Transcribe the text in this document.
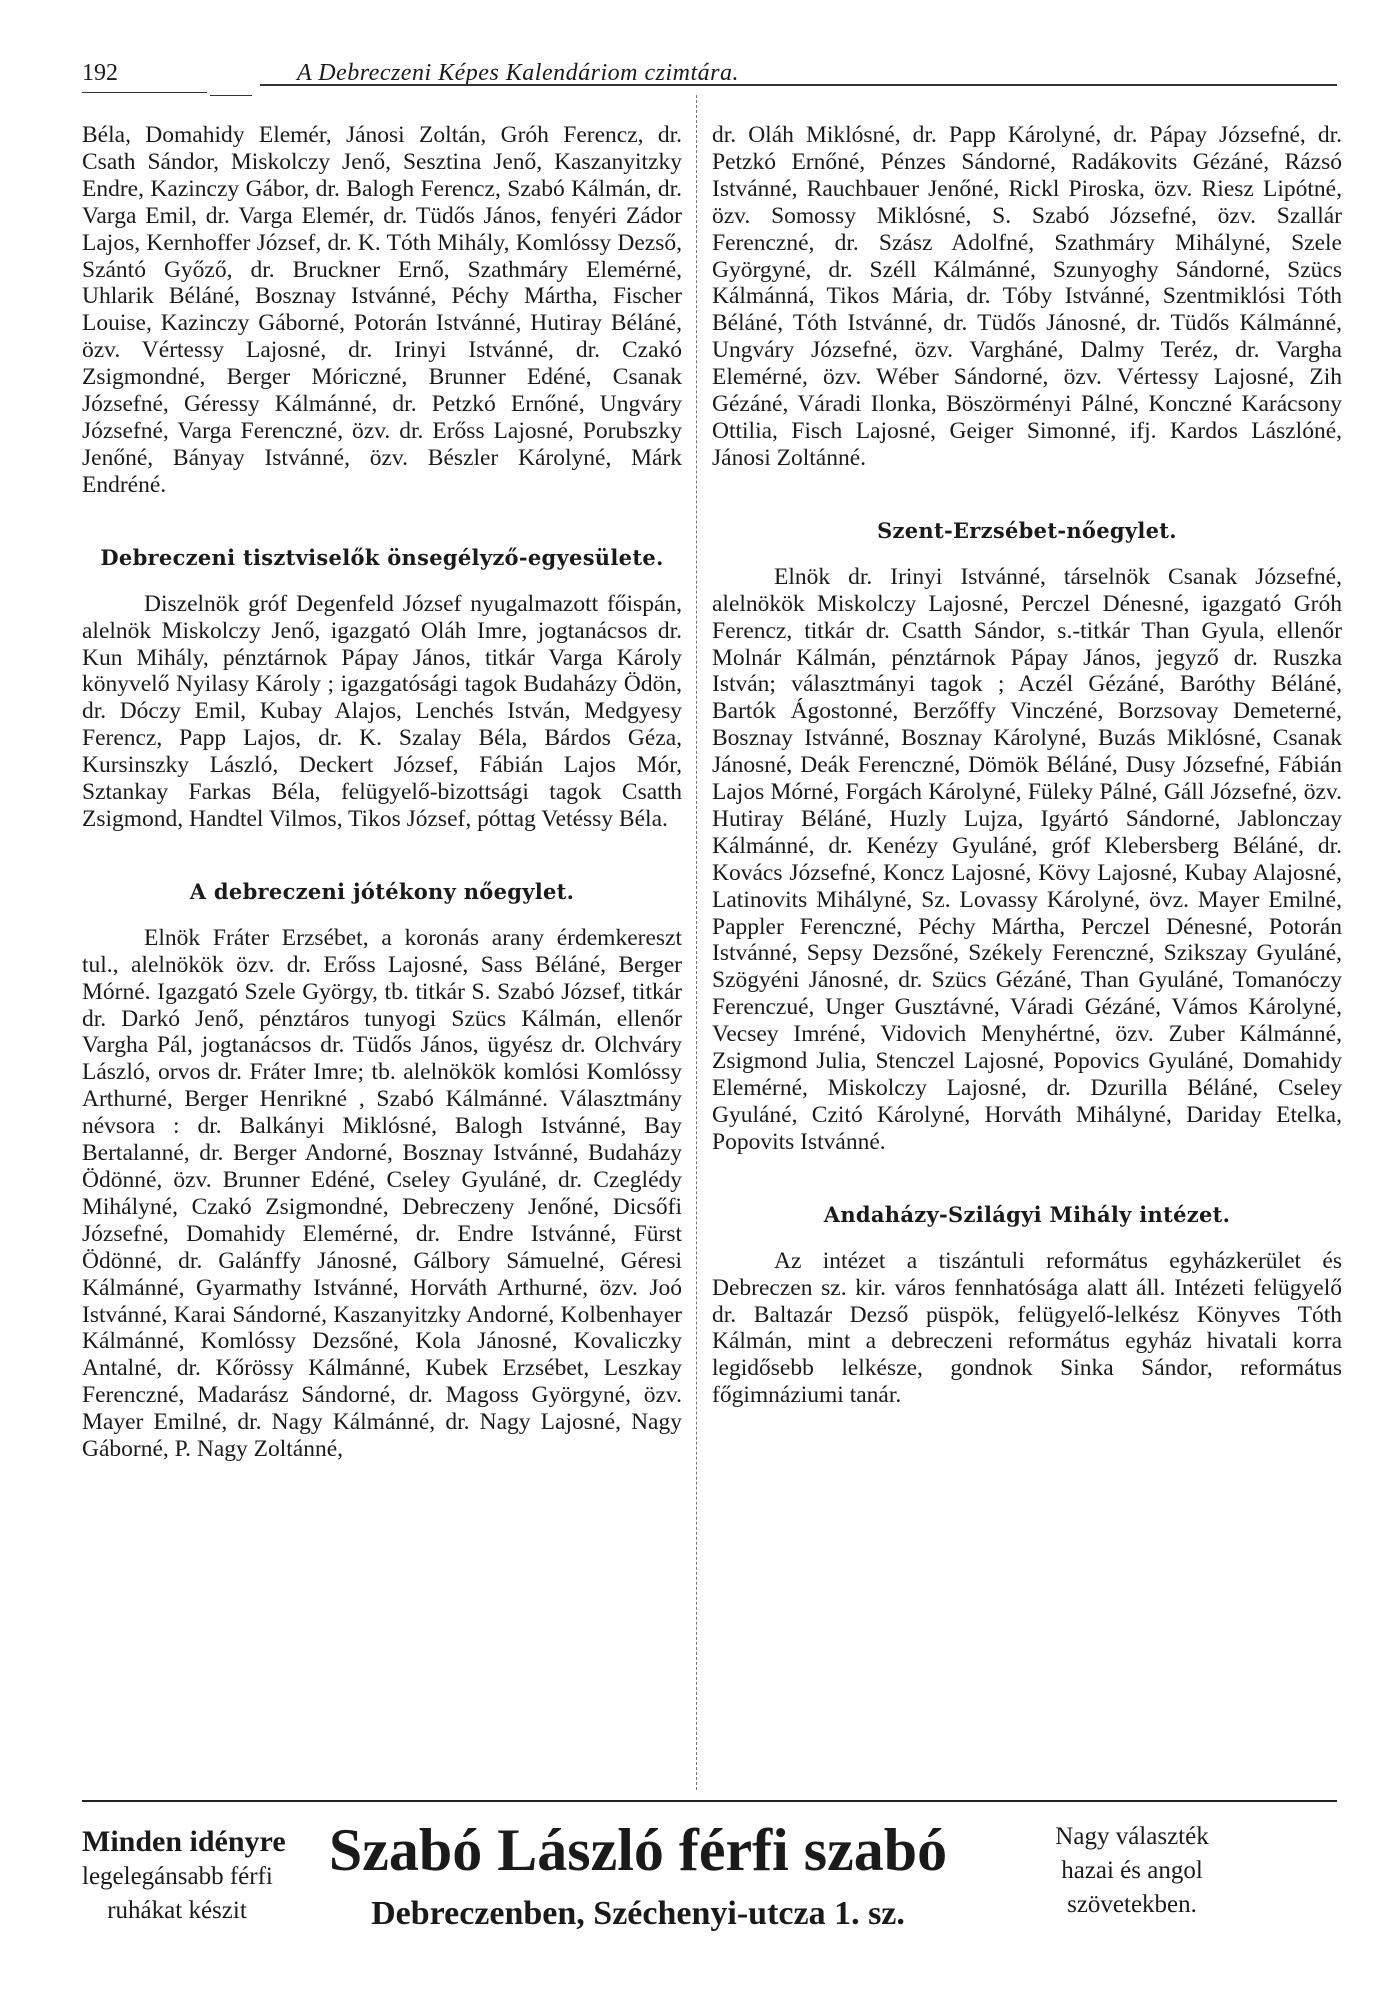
192	A Debreczeni Képes Kalendáriom czimtára.

Béla, Domahidy Elemér, Jánosi Zoltán, Gróh Ferencz, dr. Csath Sándor, Miskolczy Jenő, Sesztina Jenő, Kaszanyitzky Endre, Kazinczy Gábor, dr. Balogh Ferencz, Szabó Kálmán, dr. Varga Emil, dr. Varga Elemér, dr. Tüdős János, fenyéri Zádor Lajos, Kernhoffer József, dr. K. Tóth Mihály, Komlóssy Dezső, Szántó Győző, dr. Bruckner Ernő, Szathmáry Elemérné, Uhlarik Béláné, Bosznay Istvánné, Péchy Mártha, Fischer Louise, Kazinczy Gáborné, Potorán Istvánné, Hutiray Béláné, özv. Vértessy Lajosné, dr. Irinyi Istvánné, dr. Czakó Zsigmondné, Berger Móriczné, Brunner Edéné, Csanak Józsefné, Géressy Kálmánné, dr. Petzkó Ernőné, Ungváry Józsefné, Varga Ferenczné, özv. dr. Erőss Lajosné, Porubszky Jenőné, Bányay Istvánné, özv. Bészler Károlyné, Márk Endréné.

Debreczeni tisztviselők önsegélyző-egyesülete.

Diszelnök gróf Degenfeld József nyugalmazott főispán, alelnök Miskolczy Jenő, igazgató Oláh Imre, jogtanácsos dr. Kun Mihály, pénztárnok Pápay János, titkár Varga Károly könyvelő Nyilasy Károly ; igazgatósági tagok Budaházy Ödön, dr. Dóczy Emil, Kubay Alajos, Lenchés István, Medgyesy Ferencz, Papp Lajos, dr. K. Szalay Béla, Bárdos Géza, Kursinszky László, Deckert József, Fábián Lajos Mór, Sztankay Farkas Béla, felügyelő-bizottsági tagok Csatth Zsigmond, Handtel Vilmos, Tikos József, póttag Vetéssy Béla.

A debreczeni jótékony nőegylet.

Elnök Fráter Erzsébet, a koronás arany érdemkereszt tul., alelnökök özv. dr. Erőss Lajosné, Sass Béláné, Berger Mórné. Igazgató Szele György, tb. titkár S. Szabó József, titkár dr. Darkó Jenő, pénztáros tunyogi Szücs Kálmán, ellenőr Vargha Pál, jogtanácsos dr. Tüdős János, ügyész dr. Olchváry László, orvos dr. Fráter Imre; tb. alelnökök komlósi Komlóssy Arthurné, Berger Henrikné , Szabó Kálmánné. Választmány névsora : dr. Balkányi Miklósné, Balogh Istvánné, Bay Bertalanné, dr. Berger Andorné, Bosznay Istvánné, Budaházy Ödönné, özv. Brunner Edéné, Cseley Gyuláné, dr. Czeglédy Mihályné, Czakó Zsigmondné, Debreczeny Jenőné, Dicsőfi Józsefné, Domahidy Elemérné, dr. Endre Istvánné, Fürst Ödönné, dr. Galánffy Jánosné, Gálbory Sámuelné, Géresi Kálmánné, Gyarmathy Istvánné, Horváth Arthurné, özv. Joó Istvánné, Karai Sándorné, Kaszanyitzky Andorné, Kolbenhayer Kálmánné, Komlóssy Dezsőné, Kola Jánosné, Kovaliczky Antalné, dr. Kőrössy Kálmánné, Kubek Erzsébet, Leszkay Ferenczné, Madarász Sándorné, dr. Magoss Györgyné, özv. Mayer Emilné, dr. Nagy Kálmánné, dr. Nagy Lajosné, Nagy Gáborné, P. Nagy Zoltánné,

dr. Oláh Miklósné, dr. Papp Károlyné, dr. Pápay Józsefné, dr. Petzkó Ernőné, Pénzes Sándorné, Radákovits Gézáné, Rázsó Istvánné, Rauchbauer Jenőné, Rickl Piroska, özv. Riesz Lipótné, özv. Somossy Miklósné, S. Szabó Józsefné, özv. Szallár Ferenczné, dr. Szász Adolfné, Szathmáry Mihályné, Szele Györgyné, dr. Széll Kálmánné, Szunyoghy Sándorné, Szücs Kálmánná, Tikos Mária, dr. Tóby Istvánné, Szentmiklósi Tóth Béláné, Tóth Istvánné, dr. Tüdős Jánosné, dr. Tüdős Kálmánné, Ungváry Józsefné, özv. Vargháné, Dalmy Teréz, dr. Vargha Elemérné, özv. Wéber Sándorné, özv. Vértessy Lajosné, Zih Gézáné, Váradi Ilonka, Böszörményi Pálné, Konczné Karácsony Ottilia, Fisch Lajosné, Geiger Simonné, ifj. Kardos Lászlóné, Jánosi Zoltánné.

Szent-Erzsébet-nőegylet.

Elnök dr. Irinyi Istvánné, társelnök Csanak Józsefné, alelnökök Miskolczy Lajosné, Perczel Dénesné, igazgató Gróh Ferencz, titkár dr. Csatth Sándor, s.-titkár Than Gyula, ellenőr Molnár Kálmán, pénztárnok Pápay János, jegyző dr. Ruszka István; választmányi tagok ; Aczél Gézáné, Baróthy Béláné, Bartók Ágostonné, Berzőffy Vinczéné, Borzsovay Demeterné, Bosznay Istvánné, Bosznay Károlyné, Buzás Miklósné, Csanak Jánosné, Deák Ferenczné, Dömök Béláné, Dusy Józsefné, Fábián Lajos Mórné, Forgách Károlyné, Füleky Pálné, Gáll Józsefné, özv. Hutiray Béláné, Huzly Lujza, Igyártó Sándorné, Jablonczay Kálmánné, dr. Kenézy Gyuláné, gróf Klebersberg Béláné, dr. Kovács Józsefné, Koncz Lajosné, Kövy Lajosné, Kubay Alajosné, Latinovits Mihályné, Sz. Lovassy Károlyné, övz. Mayer Emilné, Pappler Ferenczné, Péchy Mártha, Perczel Dénesné, Potorán Istvánné, Sepsy Dezsőné, Székely Ferenczné, Szikszay Gyuláné, Szögyéni Jánosné, dr. Szücs Gézáné, Than Gyuláné, Tomanóczy Ferenczué, Unger Gusztávné, Váradi Gézáné, Vámos Károlyné, Vecsey Imréné, Vidovich Menyhértné, özv. Zuber Kálmánné, Zsigmond Julia, Stenczel Lajosné, Popovics Gyuláné, Domahidy Elemérné, Miskolczy Lajosné, dr. Dzurilla Béláné, Cseley Gyuláné, Czitó Károlyné, Horváth Mihályné, Dariday Etelka, Popovits Istvánné.

Andaházy-Szilágyi Mihály intézet.

Az intézet a tiszántuli református egyházkerület és Debreczen sz. kir. város fennhatósága alatt áll. Intézeti felügyelő dr. Baltazár Dezső püspök, felügyelő-lelkész Könyves Tóth Kálmán, mint a debreczeni református egyház hivatali korra legidősebb lelkésze, gondnok Sinka Sándor, református főgimnáziumi tanár.

Minden idényre
legelegánsabb férfi
ruhákat készit
Szabó László férfi szabó
Debreczenben, Széchenyi-utcza 1. sz.
Nagy választék
hazai és angol
szövetekben.
